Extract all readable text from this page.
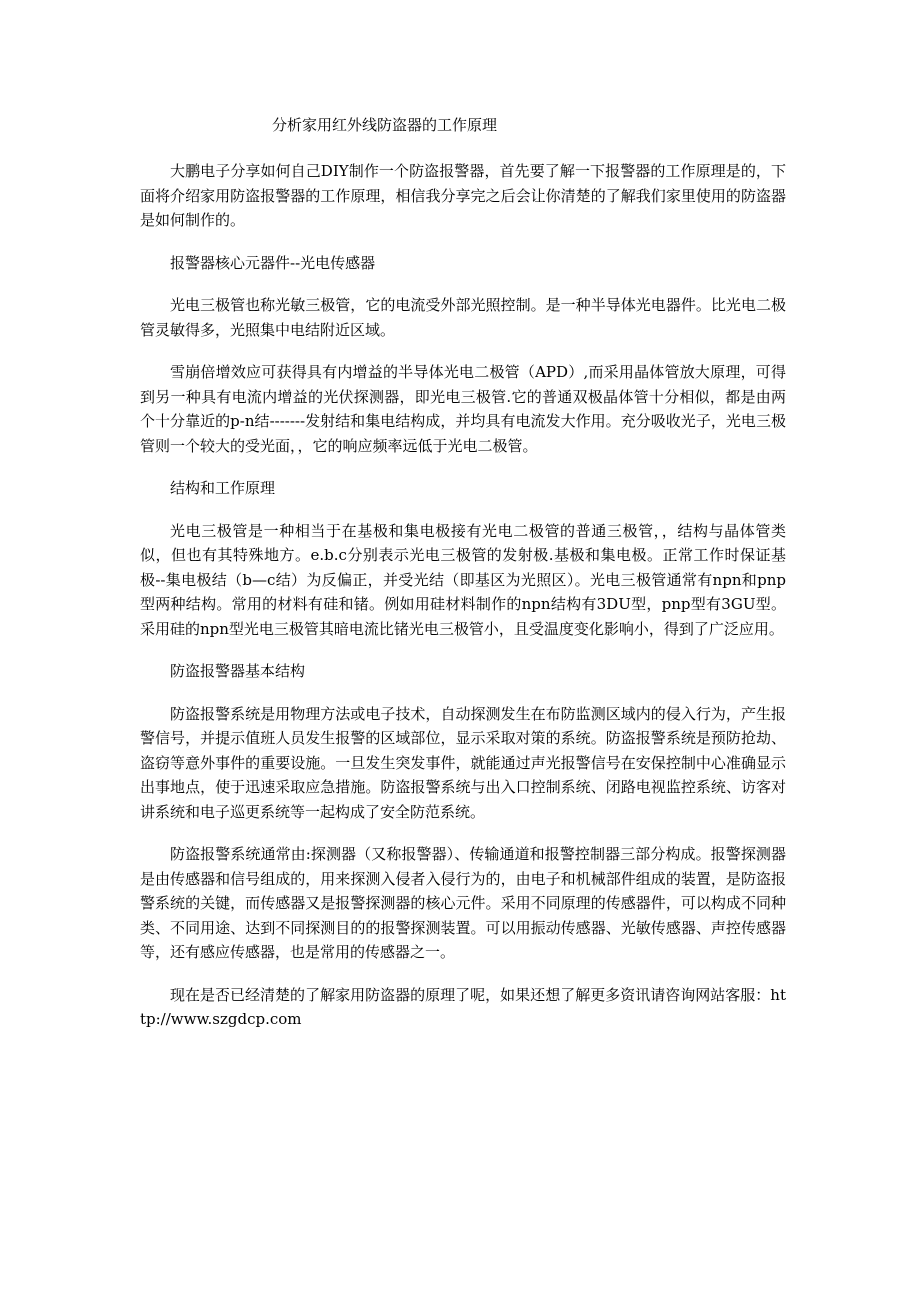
分析家用红外线防盗器的工作原理

大鹏电子分享如何自己DIY制作一个防盗报警器，首先要了解一下报警器的工作原理是的，下面将介绍家用防盗报警器的工作原理，相信我分享完之后会让你清楚的了解我们家里使用的防盗器是如何制作的。

报警器核心元器件--光电传感器

光电三极管也称光敏三极管，它的电流受外部光照控制。是一种半导体光电器件。比光电二极管灵敏得多，光照集中电结附近区域。

雪崩倍增效应可获得具有内增益的半导体光电二极管（APD）,而采用晶体管放大原理，可得到另一种具有电流内增益的光伏探测器，即光电三极管.它的普通双极晶体管十分相似，都是由两个十分靠近的p-n结-------发射结和集电结构成，并均具有电流发大作用。充分吸收光子，光电三极管则一个较大的受光面，，它的响应频率远低于光电二极管。

结构和工作原理

光电三极管是一种相当于在基极和集电极接有光电二极管的普通三极管，，结构与晶体管类似，但也有其特殊地方。e.b.c分别表示光电三极管的发射极.基极和集电极。正常工作时保证基极--集电极结（b—c结）为反偏正，并受光结（即基区为光照区）。光电三极管通常有npn和pnp型两种结构。常用的材料有硅和锗。例如用硅材料制作的npn结构有3DU型，pnp型有3GU型。采用硅的npn型光电三极管其暗电流比锗光电三极管小，且受温度变化影响小，得到了广泛应用。

防盗报警器基本结构

防盗报警系统是用物理方法或电子技术，自动探测发生在布防监测区域内的侵入行为，产生报警信号，并提示值班人员发生报警的区域部位，显示采取对策的系统。防盗报警系统是预防抢劫、盗窃等意外事件的重要设施。一旦发生突发事件，就能通过声光报警信号在安保控制中心准确显示出事地点，使于迅速采取应急措施。防盗报警系统与出入口控制系统、闭路电视监控系统、访客对讲系统和电子巡更系统等一起构成了安全防范系统。

防盗报警系统通常由:探测器（又称报警器）、传输通道和报警控制器三部分构成。报警探测器是由传感器和信号组成的，用来探测入侵者入侵行为的，由电子和机械部件组成的装置，是防盗报警系统的关键，而传感器又是报警探测器的核心元件。采用不同原理的传感器件，可以构成不同种类、不同用途、达到不同探测目的的报警探测装置。可以用振动传感器、光敏传感器、声控传感器等，还有感应传感器，也是常用的传感器之一。

现在是否已经清楚的了解家用防盗器的原理了呢，如果还想了解更多资讯请咨询网站客服：http://www.szgdcp.com
